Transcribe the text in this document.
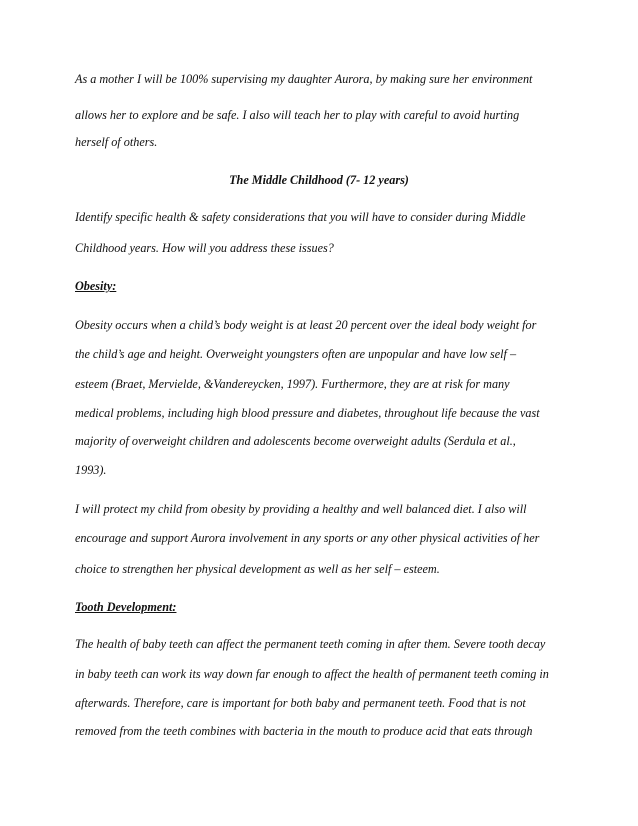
As a mother I will be 100% supervising my daughter Aurora, by making sure her environment
allows her to explore and be safe. I also will teach her to play with careful to avoid hurting
herself of others.
The Middle Childhood (7- 12 years)
Identify specific health & safety considerations that you will have to consider during Middle
Childhood years. How will you address these issues?
Obesity:
Obesity occurs when a child’s body weight is at least 20 percent over the ideal body weight for
the child’s age and height. Overweight youngsters often are unpopular and have low self –
esteem (Braet, Mervielde, &Vandereycken, 1997). Furthermore, they are at risk for many
medical problems, including high blood pressure and diabetes, throughout life because the vast
majority of overweight children and adolescents become overweight adults (Serdula et al.,
1993).
I will protect my child from obesity by providing a healthy and well balanced diet. I also will
encourage and support Aurora involvement in any sports or any other physical activities of her
choice to strengthen her physical development as well as her self – esteem.
Tooth Development:
The health of baby teeth can affect the permanent teeth coming in after them. Severe tooth decay
in baby teeth can work its way down far enough to affect the health of permanent teeth coming in
afterwards. Therefore, care is important for both baby and permanent teeth. Food that is not
removed from the teeth combines with bacteria in the mouth to produce acid that eats through
